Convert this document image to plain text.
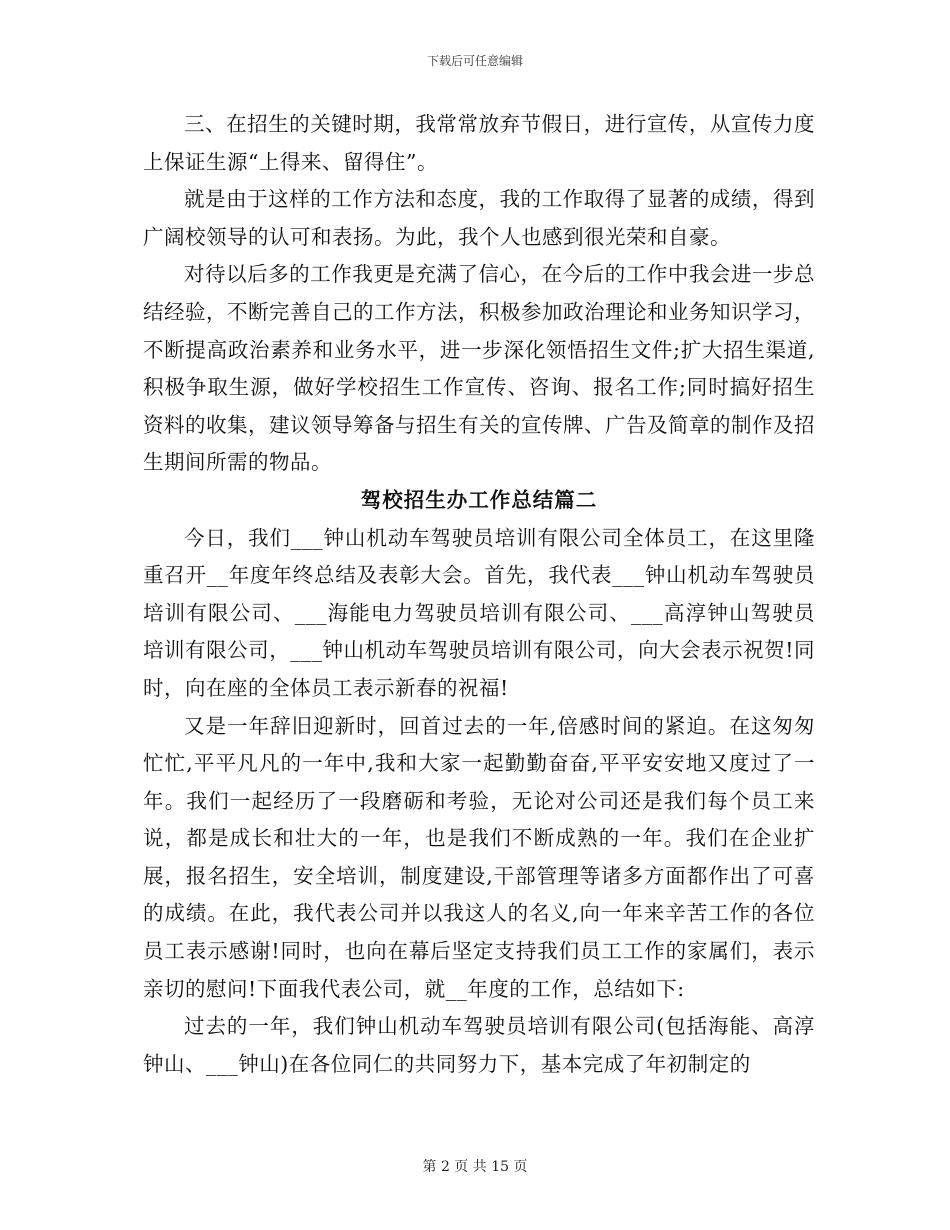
下载后可任意编辑

三、在招生的关键时期，我常常放弃节假日，进行宣传，从宣传力度上保证生源“上得来、留得住”。

就是由于这样的工作方法和态度，我的工作取得了显著的成绩，得到广阔校领导的认可和表扬。为此，我个人也感到很光荣和自豪。

对待以后多的工作我更是充满了信心，在今后的工作中我会进一步总结经验，不断完善自己的工作方法，积极参加政治理论和业务知识学习，不断提高政治素养和业务水平，进一步深化领悟招生文件;扩大招生渠道,积极争取生源，做好学校招生工作宣传、咨询、报名工作;同时搞好招生资料的收集，建议领导筹备与招生有关的宣传牌、广告及简章的制作及招生期间所需的物品。

驾校招生办工作总结篇二

今日，我们___钟山机动车驾驶员培训有限公司全体员工，在这里隆重召开__年度年终总结及表彰大会。首先，我代表___钟山机动车驾驶员培训有限公司、___海能电力驾驶员培训有限公司、___高淳钟山驾驶员培训有限公司，___钟山机动车驾驶员培训有限公司，向大会表示祝贺!同时，向在座的全体员工表示新春的祝福!

又是一年辞旧迎新时，回首过去的一年,倍感时间的紧迫。在这匆匆忙忙,平平凡凡的一年中,我和大家一起勤勤奋奋,平平安安地又度过了一年。我们一起经历了一段磨砺和考验，无论对公司还是我们每个员工来说，都是成长和壮大的一年，也是我们不断成熟的一年。我们在企业扩展，报名招生，安全培训，制度建设,干部管理等诸多方面都作出了可喜的成绩。在此，我代表公司并以我这人的名义,向一年来辛苦工作的各位员工表示感谢!同时，也向在幕后坚定支持我们员工工作的家属们，表示亲切的慰问!下面我代表公司，就__年度的工作，总结如下:

过去的一年，我们钟山机动车驾驶员培训有限公司(包括海能、高淳钟山、___钟山)在各位同仁的共同努力下，基本完成了年初制定的

第 2 页 共 15 页
